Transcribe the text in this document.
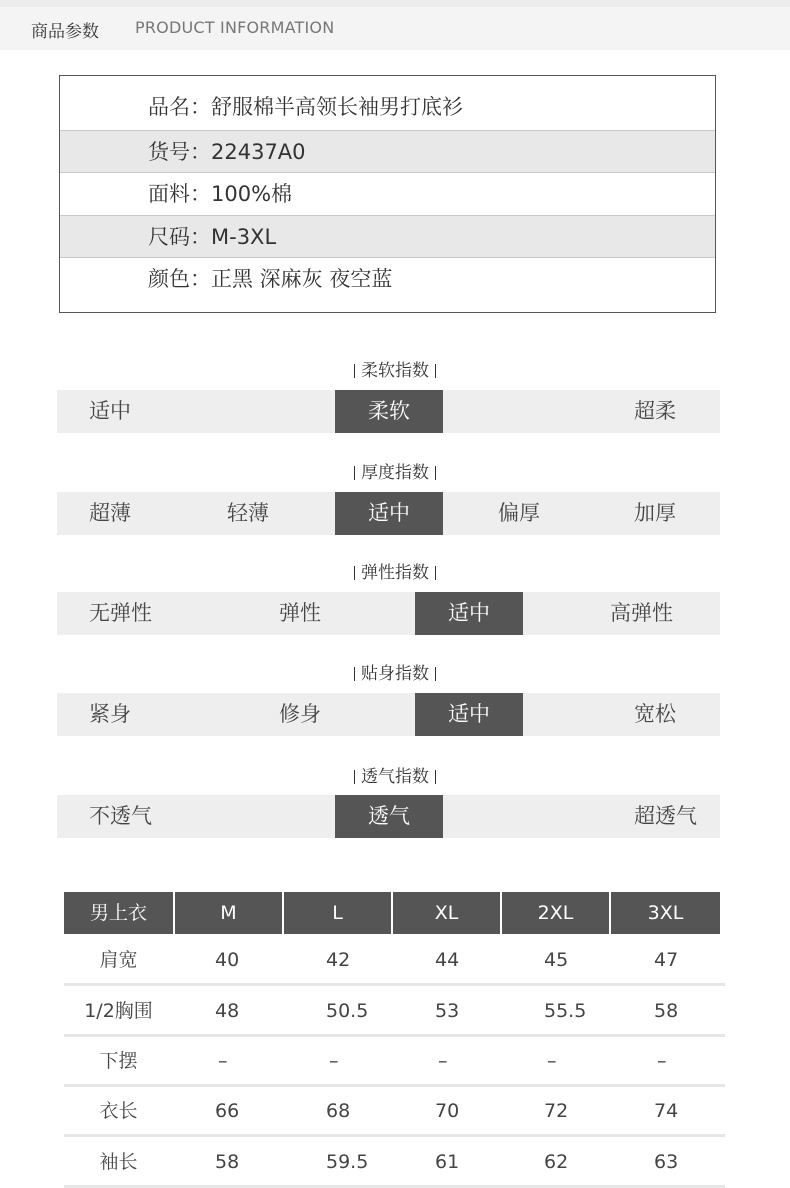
商品参数 PRODUCT INFORMATION
品名：舒服棉半高领长袖男打底衫
货号：22437A0
面料：100%棉
尺码：M-3XL
颜色：正黑 深麻灰 夜空蓝
柔软指数
适中	柔软	超柔
厚度指数
超薄	轻薄	适中	偏厚	加厚
弹性指数
无弹性	弹性	适中	高弹性
贴身指数
紧身	修身	适中	宽松
透气指数
不透气	透气	超透气
男上衣	M	L	XL	2XL	3XL
肩宽	40	42	44	45	47
1/2胸围	48	50.5	53	55.5	58
下摆	–	–	–	–	–
衣长	66	68	70	72	74
袖长	58	59.5	61	62	63
